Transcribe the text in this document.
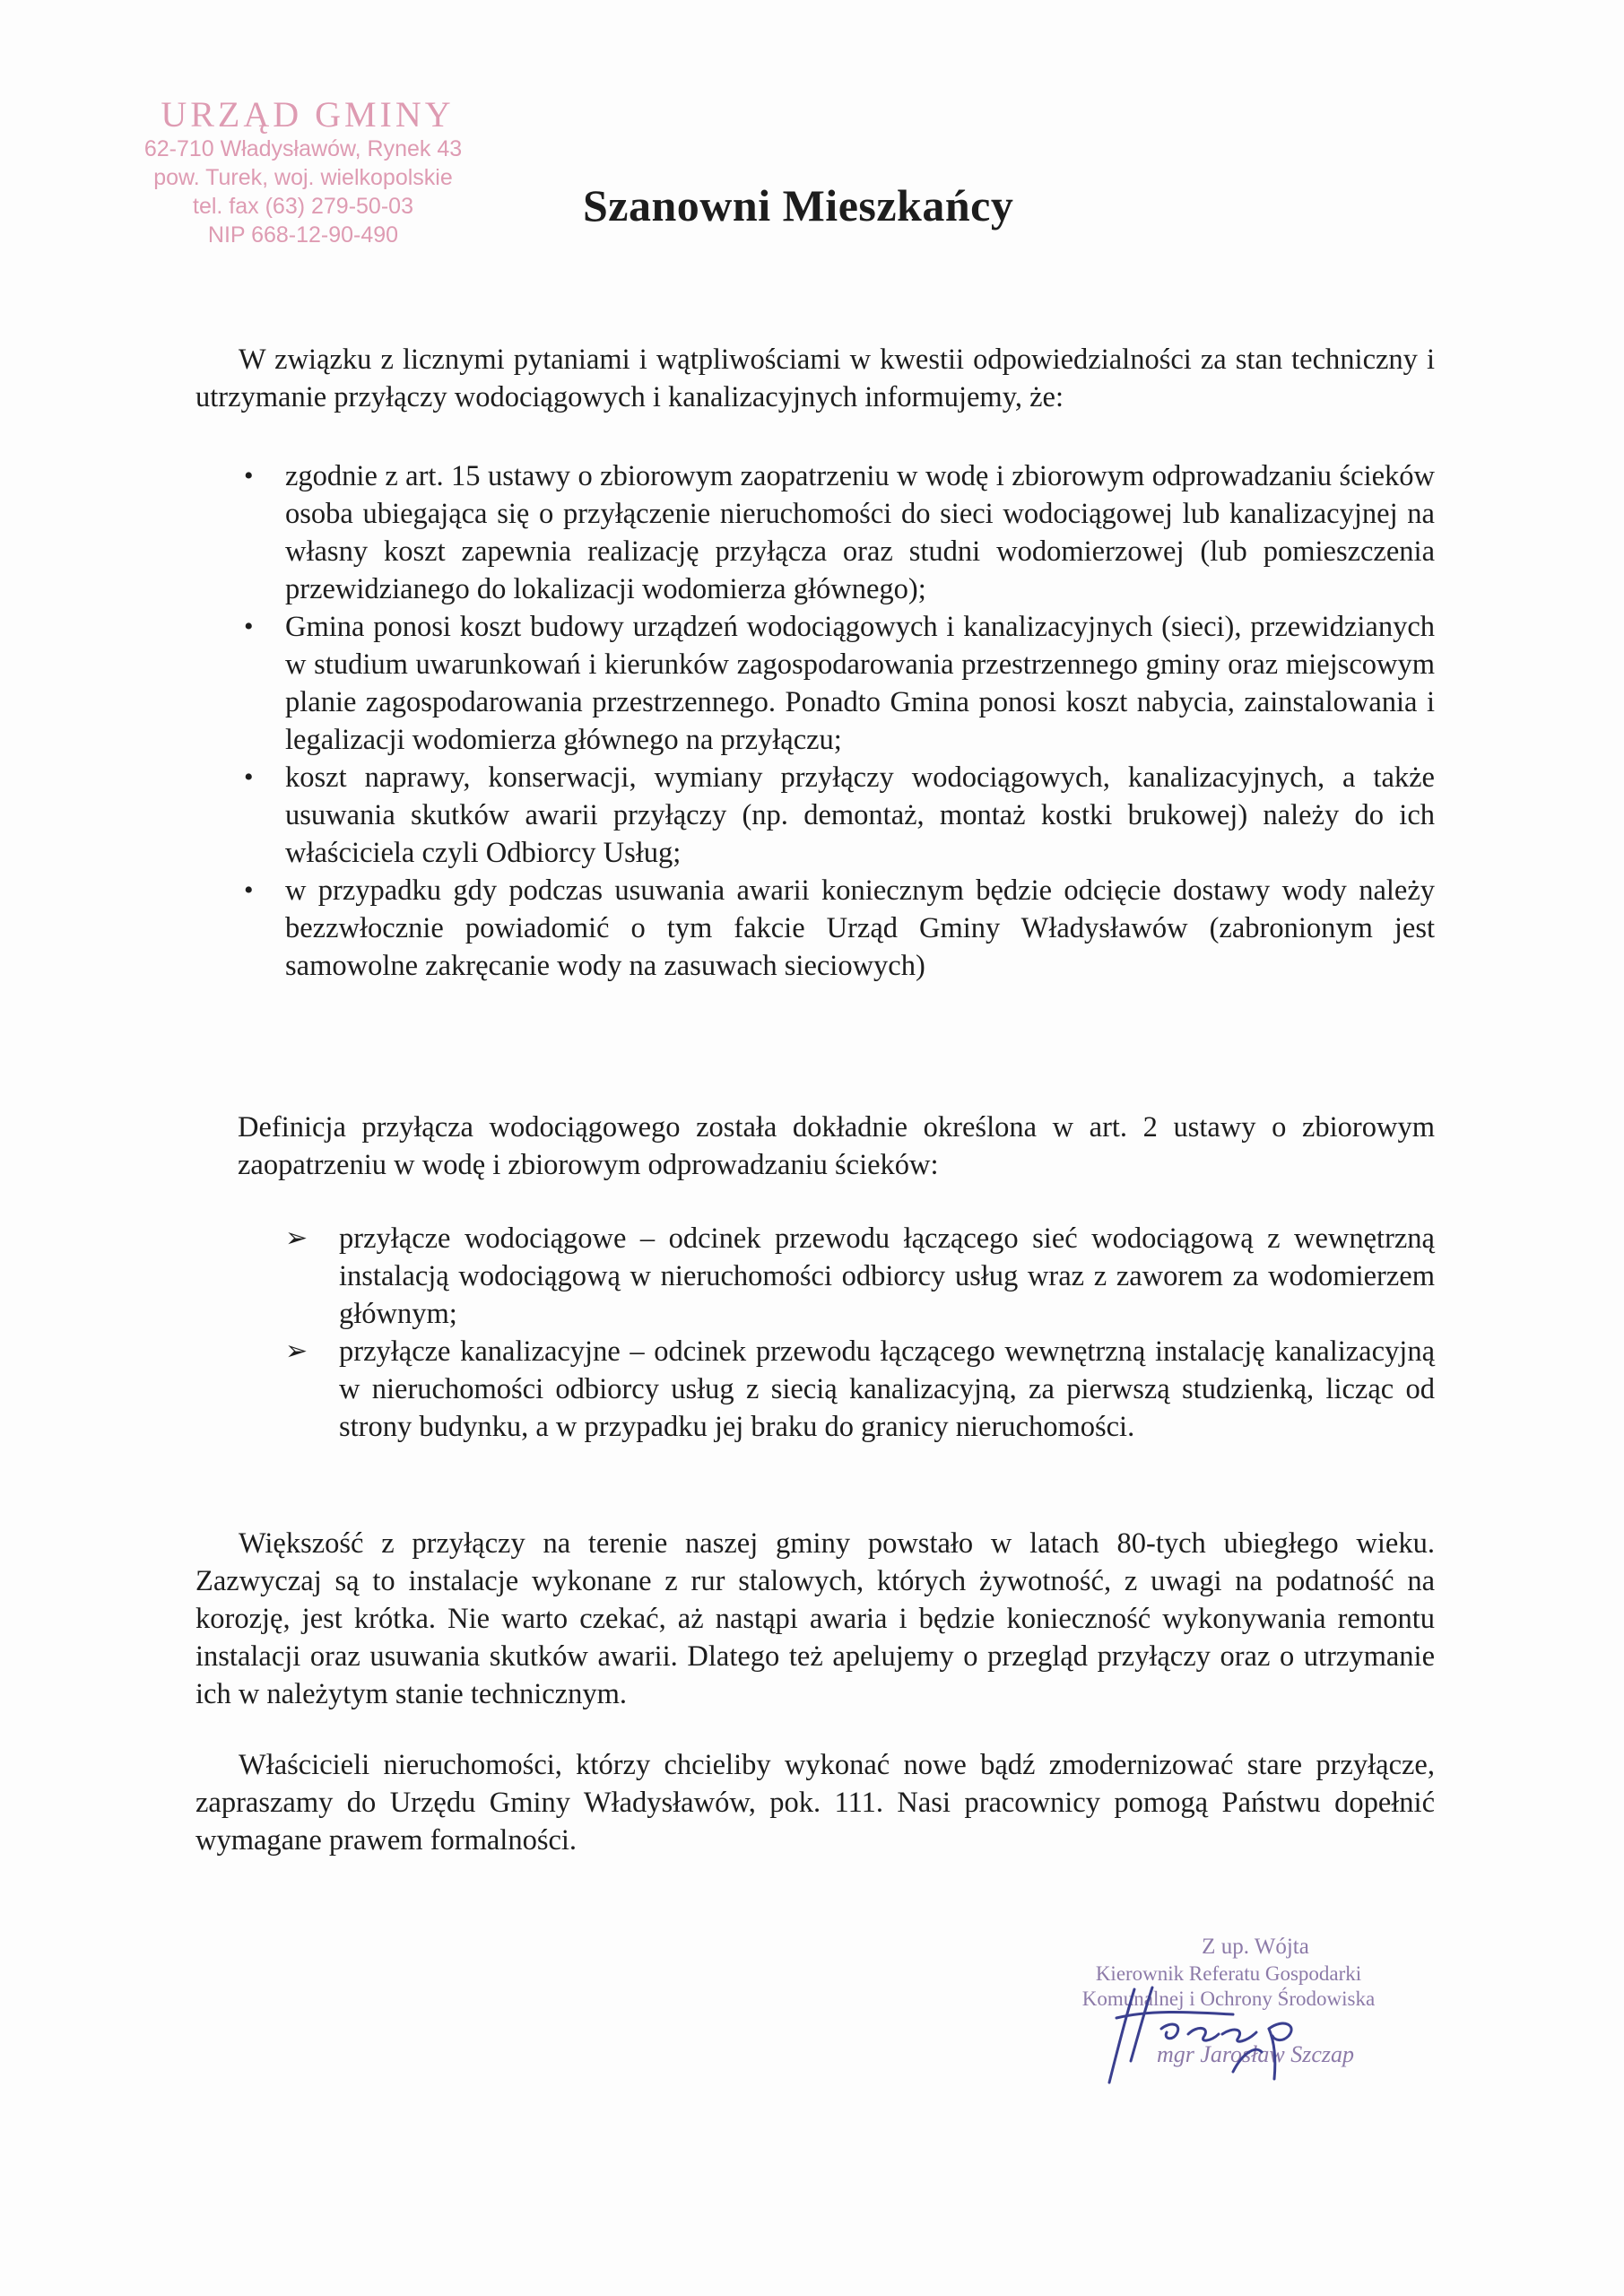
URZĄD GMINY
62-710 Władysławów, Rynek 43
pow. Turek, woj. wielkopolskie
tel. fax (63) 279-50-03
NIP 668-12-90-490
Szanowni Mieszkańcy
W związku z licznymi pytaniami i wątpliwościami w kwestii odpowiedzialności za stan techniczny i utrzymanie przyłączy wodociągowych i kanalizacyjnych informujemy, że:
• zgodnie z art. 15 ustawy o zbiorowym zaopatrzeniu w wodę i zbiorowym odprowadzaniu ścieków osoba ubiegająca się o przyłączenie nieruchomości do sieci wodociągowej lub kanalizacyjnej na własny koszt zapewnia realizację przyłącza oraz studni wodomierzowej (lub pomieszczenia przewidzianego do lokalizacji wodomierza głównego);
• Gmina ponosi koszt budowy urządzeń wodociągowych i kanalizacyjnych (sieci), przewidzianych w studium uwarunkowań i kierunków zagospodarowania przestrzennego gminy oraz miejscowym planie zagospodarowania przestrzennego. Ponadto Gmina ponosi koszt nabycia, zainstalowania i legalizacji wodomierza głównego na przyłączu;
• koszt naprawy, konserwacji, wymiany przyłączy wodociągowych, kanalizacyjnych, a także usuwania skutków awarii przyłączy (np. demontaż, montaż kostki brukowej) należy do ich właściciela czyli Odbiorcy Usług;
• w przypadku gdy podczas usuwania awarii koniecznym będzie odcięcie dostawy wody należy bezzwłocznie powiadomić o tym fakcie Urząd Gminy Władysławów (zabronionym jest samowolne zakręcanie wody na zasuwach sieciowych)
Definicja przyłącza wodociągowego została dokładnie określona w art. 2 ustawy o zbiorowym zaopatrzeniu w wodę i zbiorowym odprowadzaniu ścieków:
➢ przyłącze wodociągowe – odcinek przewodu łączącego sieć wodociągową z wewnętrzną instalacją wodociągową w nieruchomości odbiorcy usług wraz z zaworem za wodomierzem głównym;
➢ przyłącze kanalizacyjne – odcinek przewodu łączącego wewnętrzną instalację kanalizacyjną w nieruchomości odbiorcy usług z siecią kanalizacyjną, za pierwszą studzienką, licząc od strony budynku, a w przypadku jej braku do granicy nieruchomości.
Większość z przyłączy na terenie naszej gminy powstało w latach 80-tych ubiegłego wieku. Zazwyczaj są to instalacje wykonane z rur stalowych, których żywotność, z uwagi na podatność na korozję, jest krótka. Nie warto czekać, aż nastąpi awaria i będzie konieczność wykonywania remontu instalacji oraz usuwania skutków awarii. Dlatego też apelujemy o przegląd przyłączy oraz o utrzymanie ich w należytym stanie technicznym.
Właścicieli nieruchomości, którzy chcieliby wykonać nowe bądź zmodernizować stare przyłącze, zapraszamy do Urzędu Gminy Władysławów, pok. 111. Nasi pracownicy pomogą Państwu dopełnić wymagane prawem formalności.
Z up. Wójta
Kierownik Referatu Gospodarki
Komunalnej i Ochrony Środowiska
mgr Jarosław Szczap
